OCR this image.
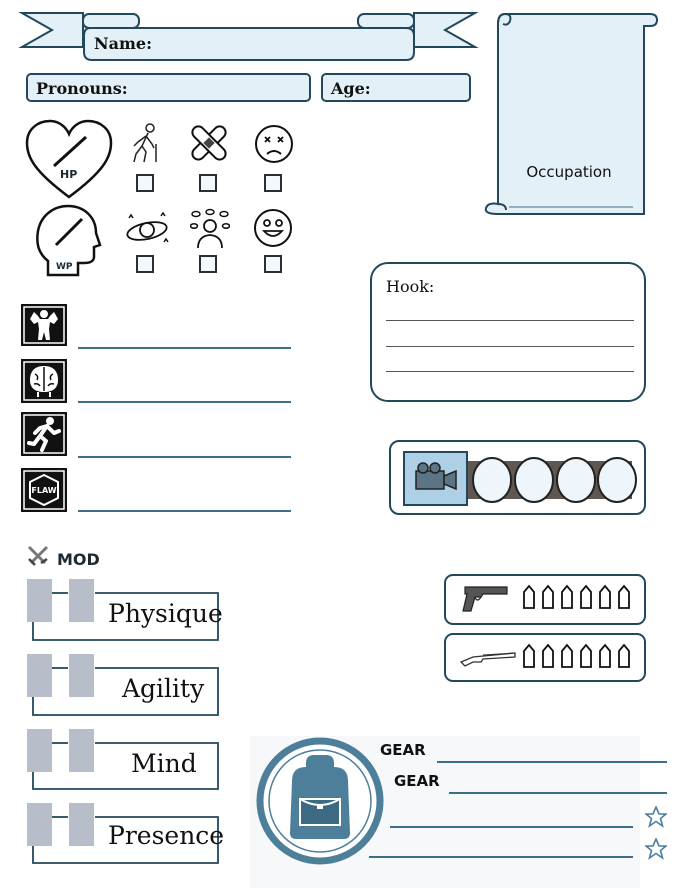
Name:
Pronouns:	Age:
Occupation
HP
WP
Hook:
FLAW
MOD
Physique
Agility
Mind
Presence
GEAR
GEAR
